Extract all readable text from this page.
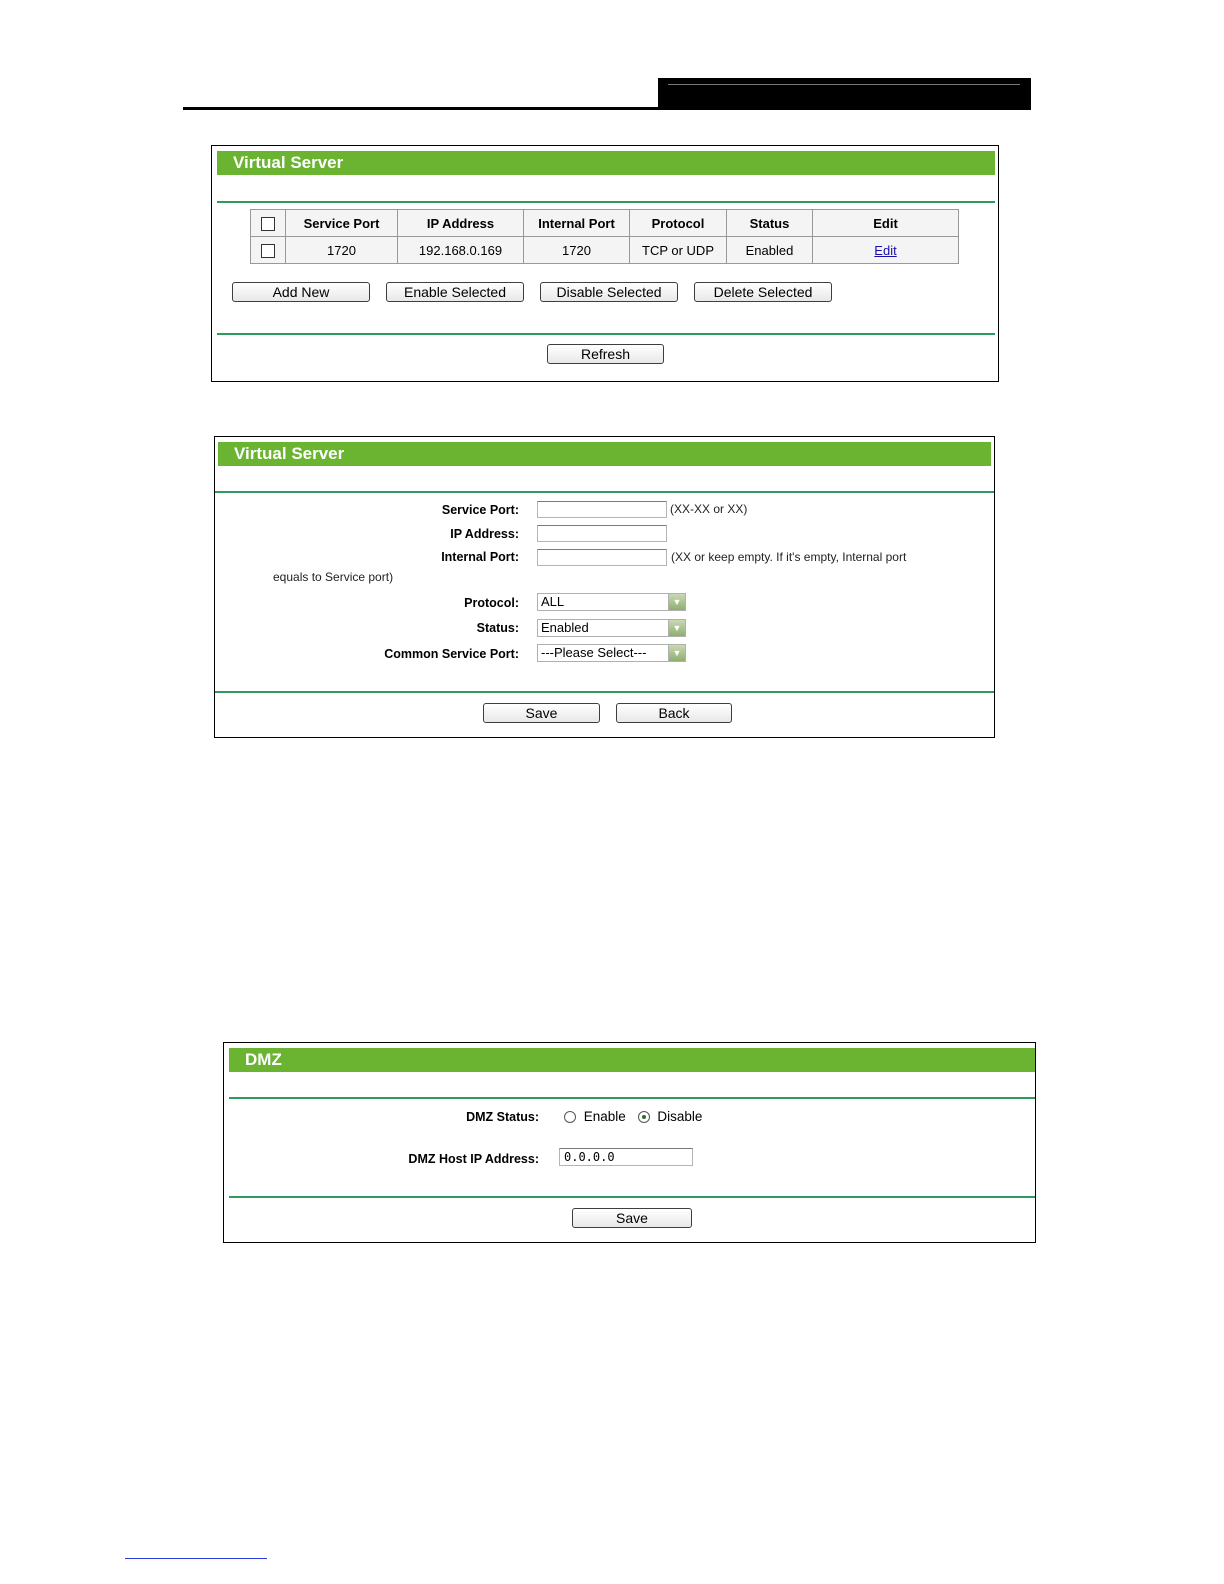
Virtual Server
	Service Port	IP Address	Internal Port	Protocol	Status	Edit
	1720	192.168.0.169	1720	TCP or UDP	Enabled	Edit
Add New	Enable Selected	Disable Selected	Delete Selected
Refresh
Virtual Server
Service Port:	(XX-XX or XX)
IP Address:
Internal Port:	(XX or keep empty. If it's empty, Internal port
equals to Service port)
Protocol:	ALL	▼
Status:	Enabled	▼
Common Service Port:	---Please Select---	▼
Save	Back
DMZ
DMZ Status:	Enable Disable
DMZ Host IP Address:
0.0.0.0
Save
